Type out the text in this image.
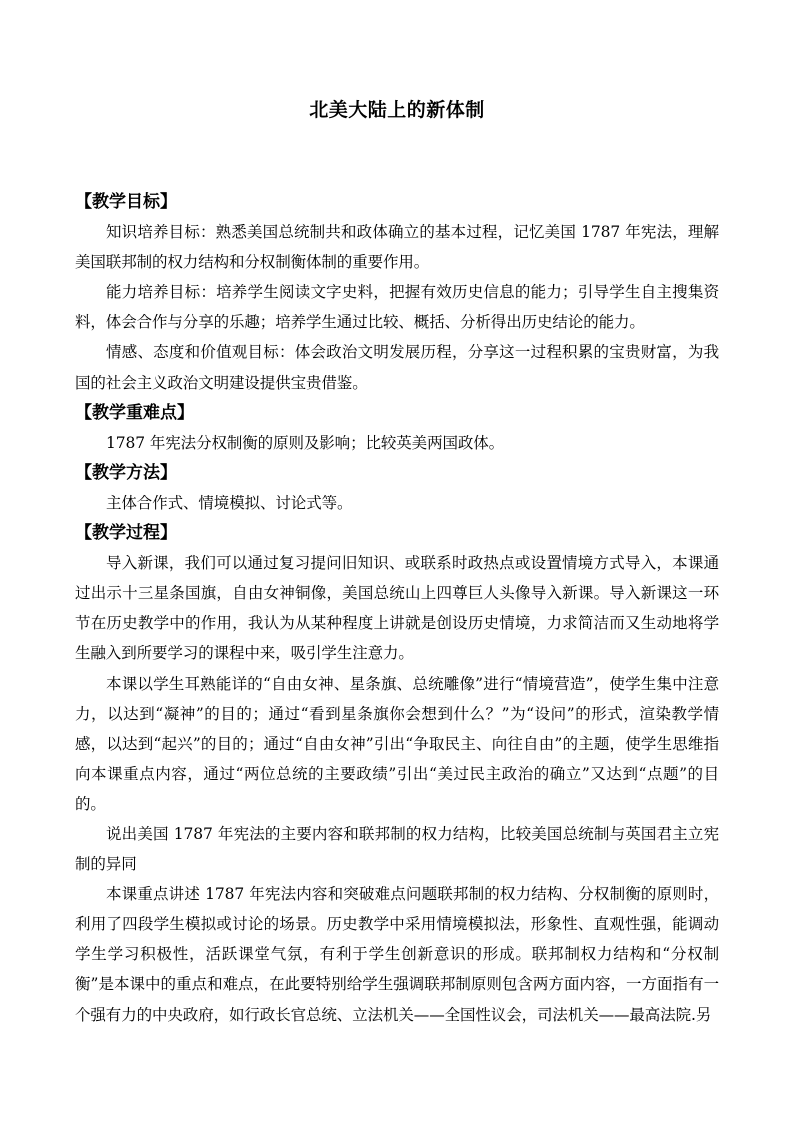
北美大陆上的新体制
【教学目标】

知识培养目标：熟悉美国总统制共和政体确立的基本过程，记忆美国 1787 年宪法，理解美国联邦制的权力结构和分权制衡体制的重要作用。

能力培养目标：培养学生阅读文字史料，把握有效历史信息的能力；引导学生自主搜集资料，体会合作与分享的乐趣；培养学生通过比较、概括、分析得出历史结论的能力。

情感、态度和价值观目标：体会政治文明发展历程，分享这一过程积累的宝贵财富，为我国的社会主义政治文明建设提供宝贵借鉴。

【教学重难点】

1787 年宪法分权制衡的原则及影响；比较英美两国政体。

【教学方法】

主体合作式、情境模拟、讨论式等。

【教学过程】

导入新课，我们可以通过复习提问旧知识、或联系时政热点或设置情境方式导入，本课通过出示十三星条国旗，自由女神铜像，美国总统山上四尊巨人头像导入新课。导入新课这一环节在历史教学中的作用，我认为从某种程度上讲就是创设历史情境，力求简洁而又生动地将学生融入到所要学习的课程中来，吸引学生注意力。

本课以学生耳熟能详的“自由女神、星条旗、总统雕像”进行“情境营造”，使学生集中注意力，以达到“凝神”的目的；通过“看到星条旗你会想到什么？”为“设问”的形式，渲染教学情感，以达到“起兴”的目的；通过“自由女神”引出“争取民主、向往自由”的主题，使学生思维指向本课重点内容，通过“两位总统的主要政绩”引出“美过民主政治的确立”又达到“点题”的目的。

说出美国 1787 年宪法的主要内容和联邦制的权力结构，比较美国总统制与英国君主立宪制的异同

本课重点讲述 1787 年宪法内容和突破难点问题联邦制的权力结构、分权制衡的原则时，利用了四段学生模拟或讨论的场景。历史教学中采用情境模拟法，形象性、直观性强，能调动学生学习积极性，活跃课堂气氛，有利于学生创新意识的形成。联邦制权力结构和“分权制衡”是本课中的重点和难点，在此要特别给学生强调联邦制原则包含两方面内容，一方面指有一个强有力的中央政府，如行政长官总统、立法机关——全国性议会，司法机关——最高法院.另
